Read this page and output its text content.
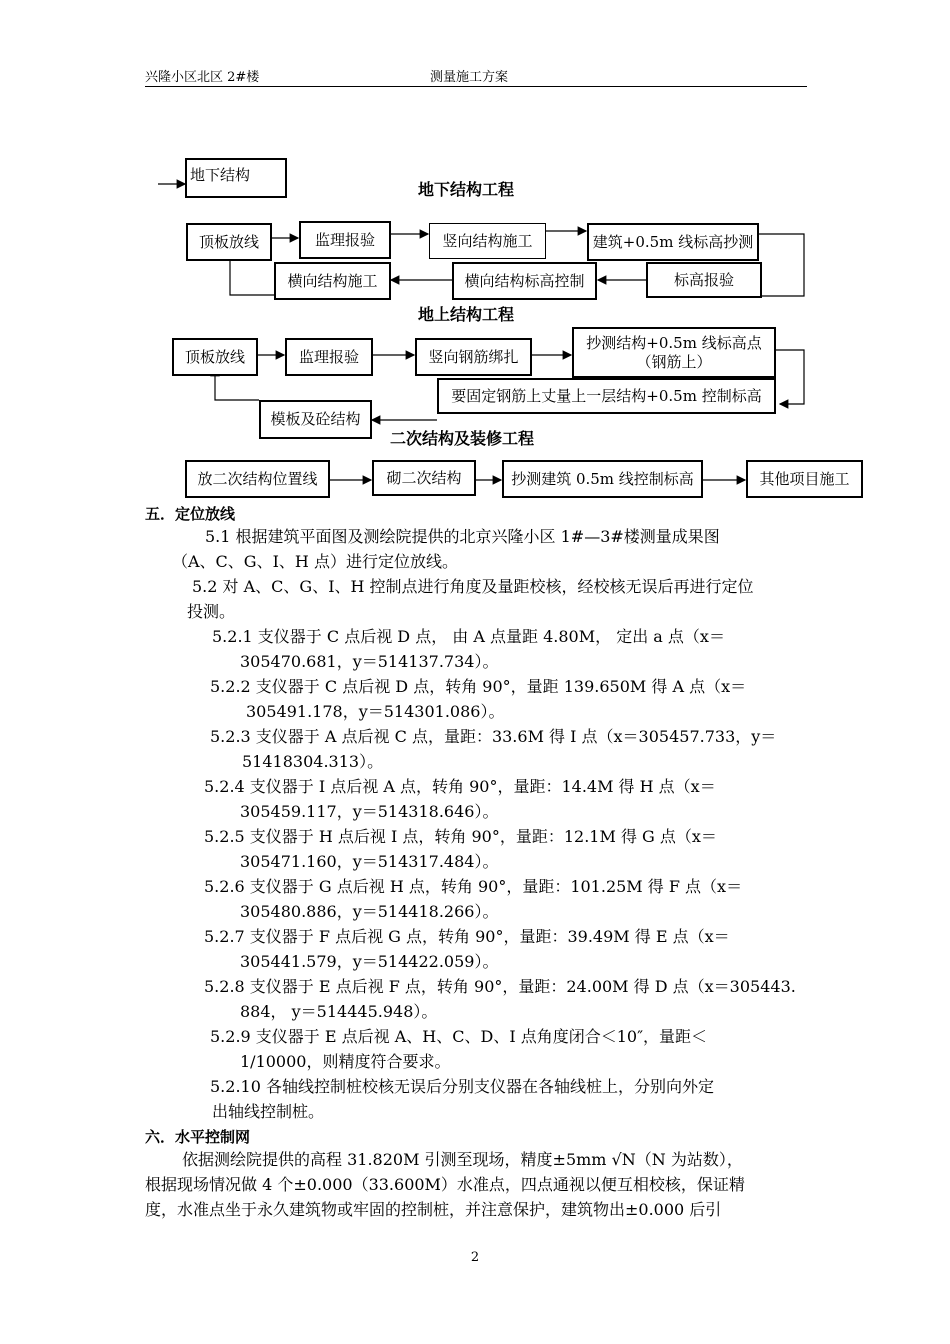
兴隆小区北区 2#楼	测量施工方案
地下结构
地下结构工程
顶板放线	监理报验	竖向结构施工	建筑+0.5m 线标高抄测
横向结构施工	横向结构标高控制	标高报验
地上结构工程
顶板放线	监理报验	竖向钢筋绑扎
抄测结构+0.5m 线标高点
（钢筋上）
要固定钢筋上丈量上一层结构+0.5m 控制标高
模板及砼结构
二次结构及装修工程
放二次结构位置线	砌二次结构	抄测建筑 0.5m 线控制标高	其他项目施工
五．定位放线
5.1 根据建筑平面图及测绘院提供的北京兴隆小区 1#—3#楼测量成果图
（A、C、G、I、H 点）进行定位放线。
5.2 对 A、C、G、I、H 控制点进行角度及量距校核，经校核无误后再进行定位
投测。
5.2.1 支仪器于 C 点后视 D 点， 由 A 点量距 4.80M， 定出 a 点（x＝
305470.681，y＝514137.734）。
5.2.2 支仪器于 C 点后视 D 点，转角 90°，量距 139.650M 得 A 点（x＝
305491.178，y＝514301.086）。
5.2.3 支仪器于 A 点后视 C 点，量距：33.6M 得 I 点（x＝305457.733，y＝
51418304.313）。
5.2.4 支仪器于 I 点后视 A 点，转角 90°，量距：14.4M 得 H 点（x＝
305459.117，y＝514318.646）。
5.2.5 支仪器于 H 点后视 I 点，转角 90°，量距：12.1M 得 G 点（x＝
305471.160，y＝514317.484）。
5.2.6 支仪器于 G 点后视 H 点，转角 90°，量距：101.25M 得 F 点（x＝
305480.886，y＝514418.266）。
5.2.7 支仪器于 F 点后视 G 点，转角 90°，量距：39.49M 得 E 点（x＝
305441.579，y＝514422.059）。
5.2.8 支仪器于 E 点后视 F 点，转角 90°，量距：24.00M 得 D 点（x＝305443.
884， y＝514445.948）。
5.2.9 支仪器于 E 点后视 A、H、C、D、I 点角度闭合＜10″，量距＜
1/10000，则精度符合要求。
5.2.10 各轴线控制桩校核无误后分别支仪器在各轴线桩上，分别向外定
出轴线控制桩。
六．水平控制网
依据测绘院提供的高程 31.820M 引测至现场，精度±5mm √N（N 为站数），
根据现场情况做 4 个±0.000（33.600M）水准点，四点通视以便互相校核，保证精
度，水准点坐于永久建筑物或牢固的控制桩，并注意保护，建筑物出±0.000 后引
2
